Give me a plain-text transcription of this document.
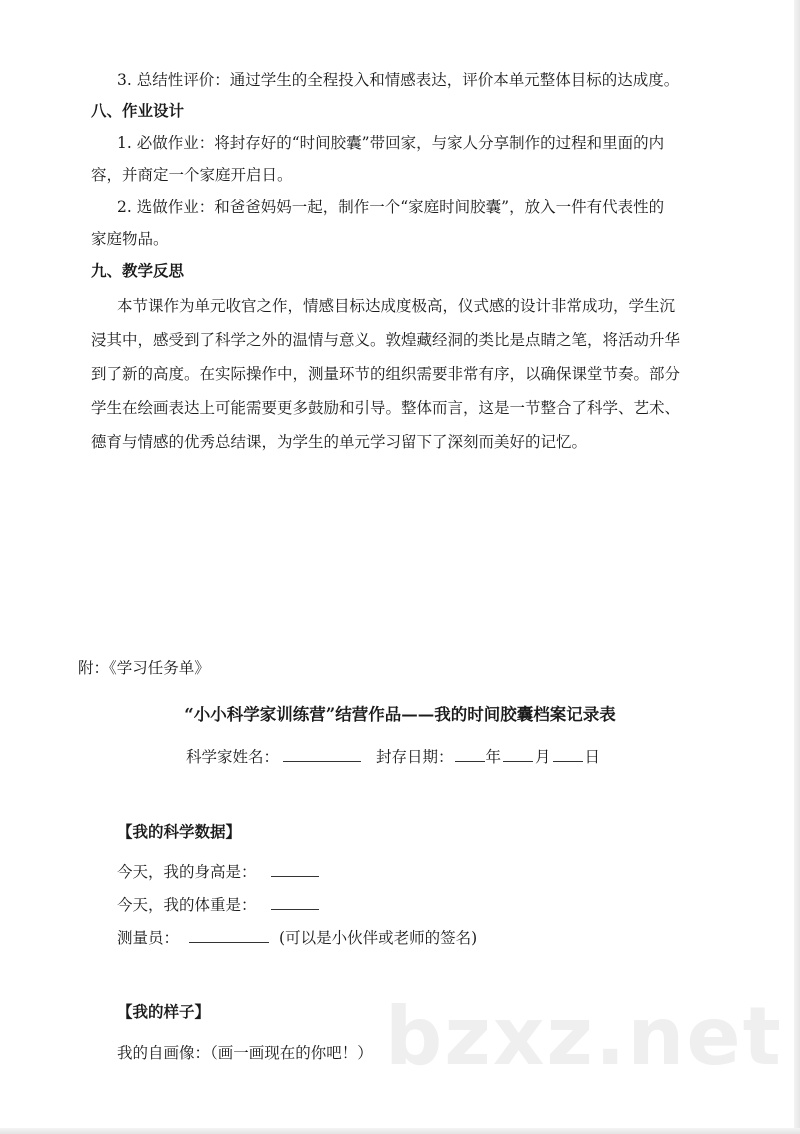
3. 总结性评价：通过学生的全程投入和情感表达，评价本单元整体目标的达成度。
八、作业设计
1. 必做作业：将封存好的“时间胶囊”带回家，与家人分享制作的过程和里面的内
容，并商定一个家庭开启日。
2. 选做作业：和爸爸妈妈一起，制作一个“家庭时间胶囊”，放入一件有代表性的
家庭物品。
九、教学反思
本节课作为单元收官之作，情感目标达成度极高，仪式感的设计非常成功，学生沉
浸其中，感受到了科学之外的温情与意义。敦煌藏经洞的类比是点睛之笔，将活动升华
到了新的高度。在实际操作中，测量环节的组织需要非常有序，以确保课堂节奏。部分
学生在绘画表达上可能需要更多鼓励和引导。整体而言，这是一节整合了科学、艺术、
德育与情感的优秀总结课，为学生的单元学习留下了深刻而美好的记忆。
附：《学习任务单》
“小小科学家训练营”结营作品——我的时间胶囊档案记录表
科学家姓名：	封存日期： 年 月 日
【我的科学数据】
今天，我的身高是：
今天，我的体重是：
测量员：	(可以是小伙伴或老师的签名)
【我的样子】
我的自画像：（画一画现在的你吧！） bzxz.net
